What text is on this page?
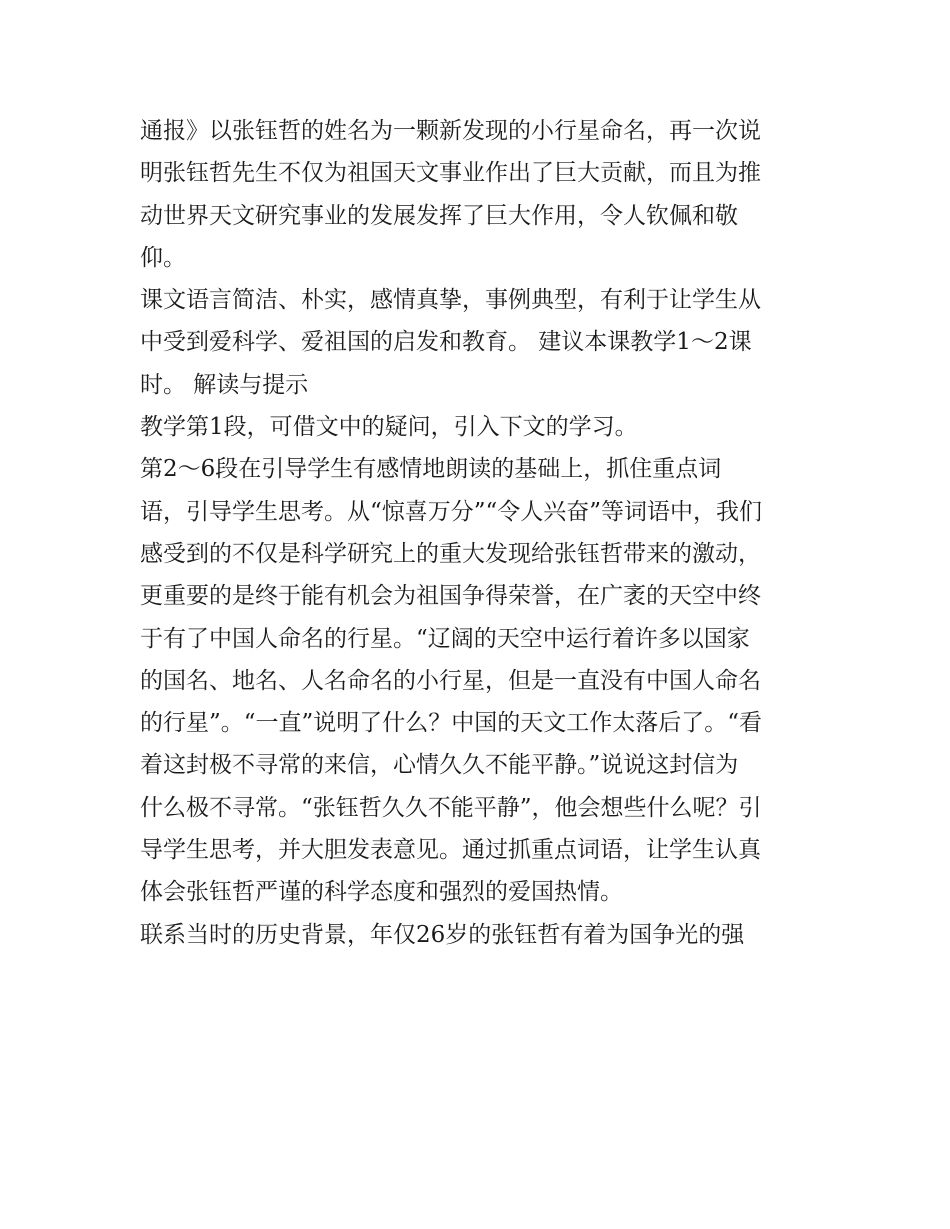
通报》以张钰哲的姓名为一颗新发现的小行星命名，再一次说
明张钰哲先生不仅为祖国天文事业作出了巨大贡献，而且为推
动世界天文研究事业的发展发挥了巨大作用，令人钦佩和敬
仰。
课文语言简洁、朴实，感情真挚，事例典型，有利于让学生从
中受到爱科学、爱祖国的启发和教育。 建议本课教学1～2课
时。 解读与提示
教学第1段，可借文中的疑问，引入下文的学习。
第2～6段在引导学生有感情地朗读的基础上，抓住重点词
语，引导学生思考。从“惊喜万分”“令人兴奋”等词语中，我们
感受到的不仅是科学研究上的重大发现给张钰哲带来的激动，
更重要的是终于能有机会为祖国争得荣誉，在广袤的天空中终
于有了中国人命名的行星。“辽阔的天空中运行着许多以国家
的国名、地名、人名命名的小行星，但是一直没有中国人命名
的行星”。“一直”说明了什么？中国的天文工作太落后了。“看
着这封极不寻常的来信，心情久久不能平静。”说说这封信为
什么极不寻常。“张钰哲久久不能平静”，他会想些什么呢？引
导学生思考，并大胆发表意见。通过抓重点词语，让学生认真
体会张钰哲严谨的科学态度和强烈的爱国热情。
联系当时的历史背景，年仅26岁的张钰哲有着为国争光的强
